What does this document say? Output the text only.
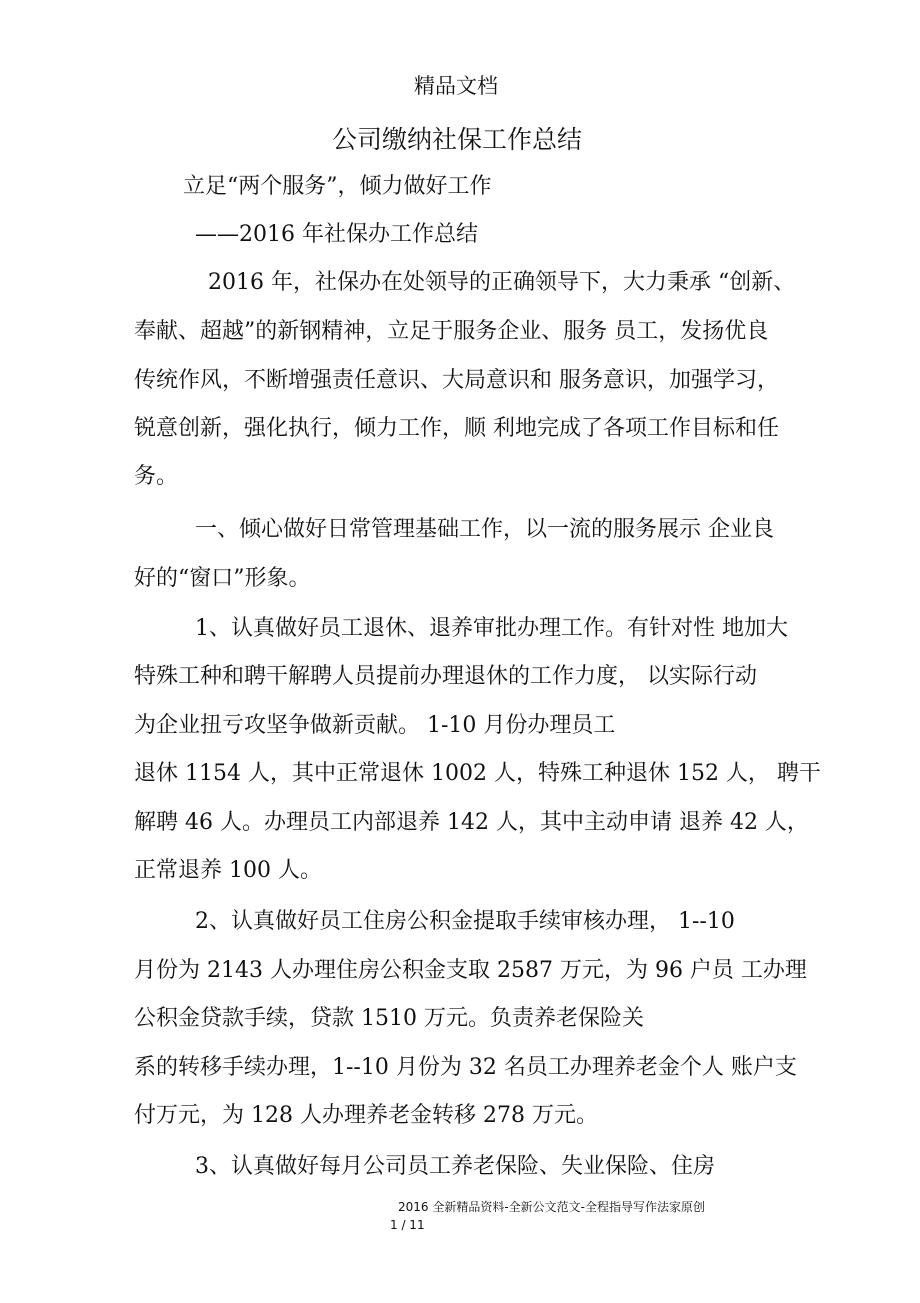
精品文档
公司缴纳社保工作总结
立足“两个服务”，倾力做好工作
——2016 年社保办工作总结
2016 年，社保办在处领导的正确领导下，大力秉承 “创新、
奉献、超越”的新钢精神，立足于服务企业、服务 员工，发扬优良
传统作风，不断增强责任意识、大局意识和 服务意识，加强学习，
锐意创新，强化执行，倾力工作，顺 利地完成了各项工作目标和任
务。
一、倾心做好日常管理基础工作，以一流的服务展示 企业良
好的“窗口”形象。
1、认真做好员工退休、退养审批办理工作。有针对性 地加大
特殊工种和聘干解聘人员提前办理退休的工作力度， 以实际行动
为企业扭亏攻坚争做新贡献。 1-10 月份办理员工
退休 1154 人，其中正常退休 1002 人，特殊工种退休 152 人， 聘干
解聘 46 人。办理员工内部退养 142 人，其中主动申请 退养 42 人，
正常退养 100 人。
2、认真做好员工住房公积金提取手续审核办理， 1--10
月份为 2143 人办理住房公积金支取 2587 万元，为 96 户员 工办理
公积金贷款手续，贷款 1510 万元。负责养老保险关
系的转移手续办理，1--10 月份为 32 名员工办理养老金个人 账户支
付万元，为 128 人办理养老金转移 278 万元。
3、认真做好每月公司员工养老保险、失业保险、住房
2016 全新精品资料-全新公文范文-全程指导写作法家原创
1 / 11
